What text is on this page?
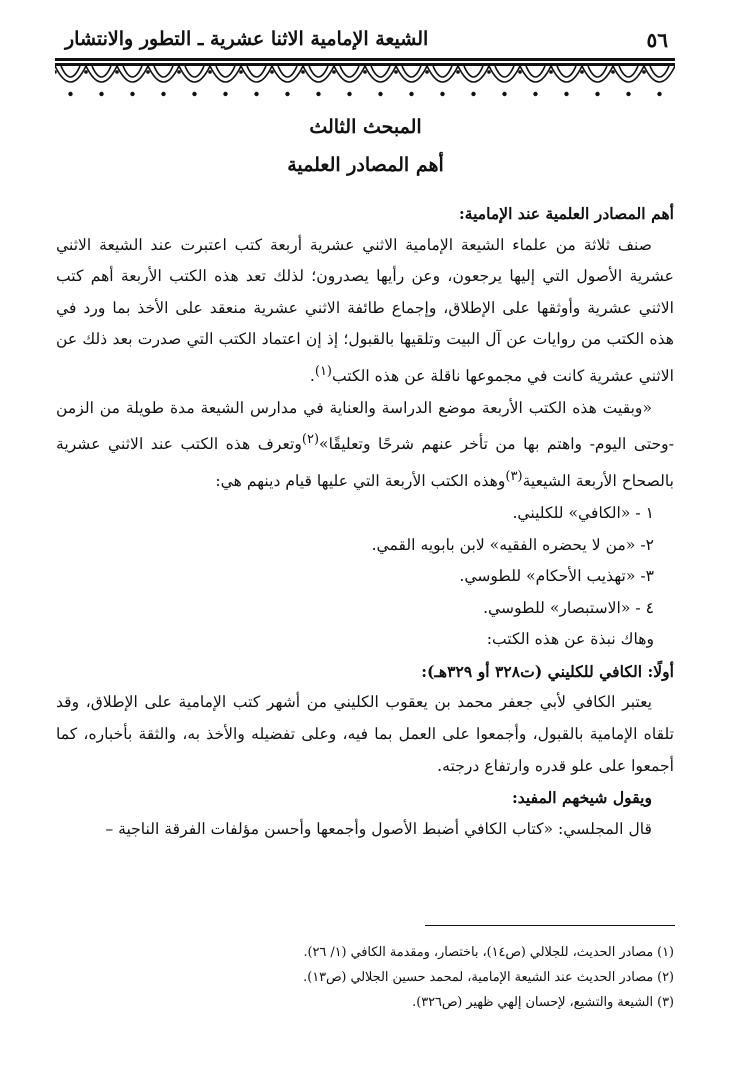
٥٦
الشيعة الإمامية الاثنا عشرية ـ التطور والانتشار
المبحث الثالث
أهم المصادر العلمية

أهم المصادر العلمية عند الإمامية:

صنف ثلاثة من علماء الشيعة الإمامية الاثني عشرية أربعة كتب اعتبرت عند الشيعة الاثني عشرية الأصول التي إليها يرجعون، وعن رأيها يصدرون؛ لذلك تعد هذه الكتب الأربعة أهم كتب الاثني عشرية وأوثقها على الإطلاق، وإجماع طائفة الاثني عشرية منعقد على الأخذ بما ورد في هذه الكتب من روايات عن آل البيت وتلقيها بالقبول؛ إذ إن اعتماد الكتب التي صدرت بعد ذلك عن الاثني عشرية كانت في مجموعها ناقلة عن هذه الكتب$^{(١)}$.

«وبقيت هذه الكتب الأربعة موضع الدراسة والعناية في مدارس الشيعة مدة طويلة من الزمن -وحتى اليوم- واهتم بها من تأخر عنهم شرحًا وتعليقًا»$^{(٢)}$وتعرف هذه الكتب عند الاثني عشرية بالصحاح الأربعة الشيعية$^{(٣)}$وهذه الكتب الأربعة التي عليها قيام دينهم هي:

١ - «الكافي» للكليني.

٢- «من لا يحضره الفقيه» لابن بابويه القمي.

٣- «تهذيب الأحكام» للطوسي.

٤ - «الاستبصار» للطوسي.

وهاك نبذة عن هذه الكتب:

أولًا: الكافي للكليني (ت٣٢٨ أو ٣٢٩هـ):

يعتبر الكافي لأبي جعفر محمد بن يعقوب الكليني من أشهر كتب الإمامية على الإطلاق، وقد تلقاه الإمامية بالقبول، وأجمعوا على العمل بما فيه، وعلى تفضيله والأخذ به، والثقة بأخباره، كما أجمعوا على علو قدره وارتفاع درجته.

ويقول شيخهم المفيد:

قال المجلسي: «كتاب الكافي أضبط الأصول وأجمعها وأحسن مؤلفات الفرقة الناجية –

(١) مصادر الحديث، للجلالي (ص١٤)، باختصار، ومقدمة الكافي (١/ ٢٦).

(٢) مصادر الحديث عند الشيعة الإمامية، لمحمد حسين الجلالي (ص١٣).

(٣) الشيعة والتشيع، لإحسان إلهي ظهير (ص٣٢٦).
